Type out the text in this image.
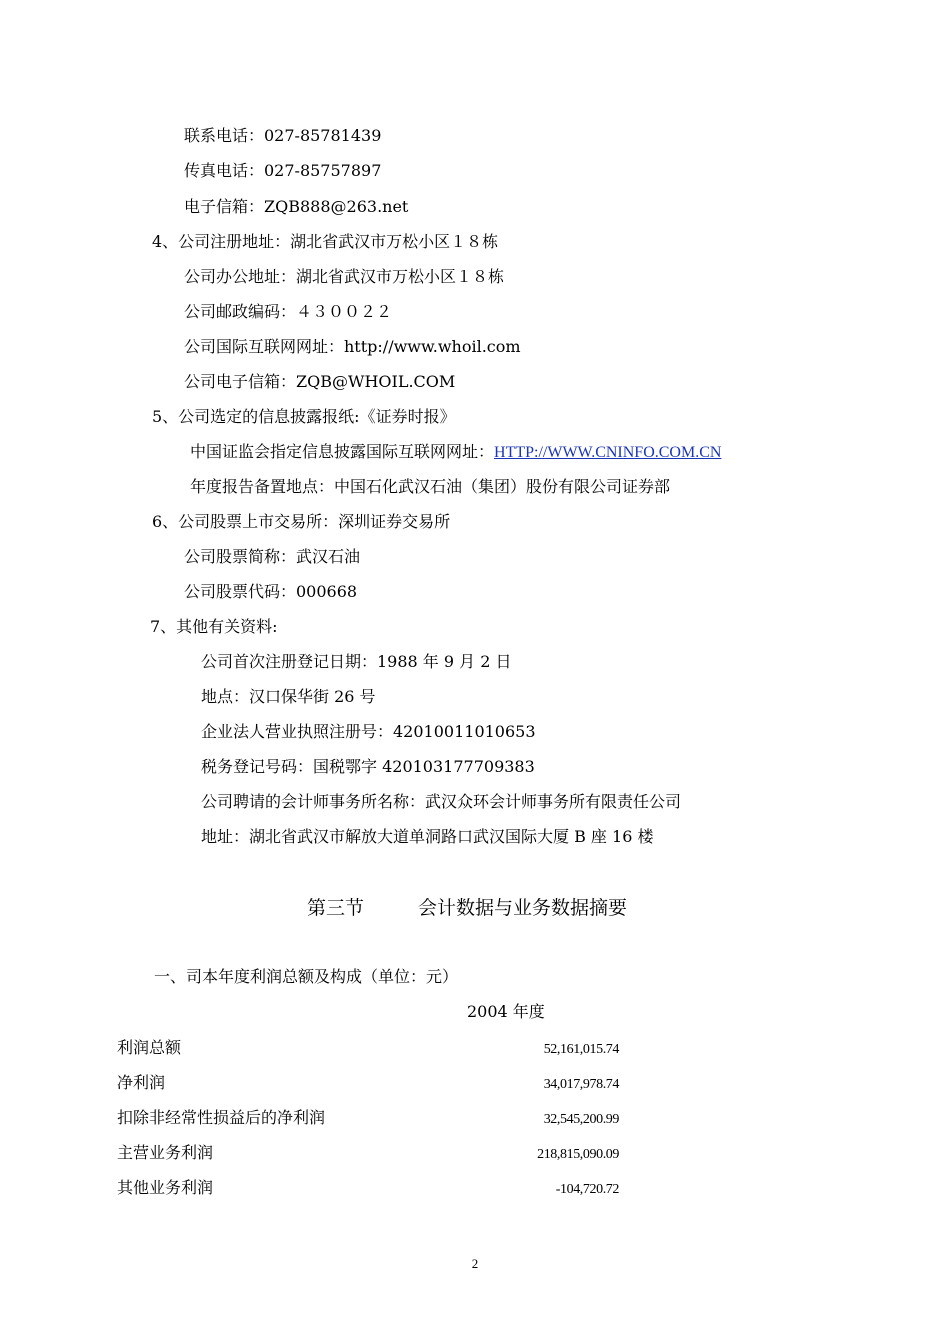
联系电话：027-85781439
传真电话：027-85757897
电子信箱：ZQB888@263.net
4、公司注册地址：湖北省武汉市万松小区１８栋
公司办公地址：湖北省武汉市万松小区１８栋
公司邮政编码：４３００２２
公司国际互联网网址：http://www.whoil.com
公司电子信箱：ZQB@WHOIL.COM
5、公司选定的信息披露报纸:《证券时报》
中国证监会指定信息披露国际互联网网址：HTTP://WWW.CNINFO.COM.CN
年度报告备置地点：中国石化武汉石油（集团）股份有限公司证券部
6、公司股票上市交易所：深圳证券交易所
公司股票简称：武汉石油
公司股票代码：000668
7、其他有关资料:
公司首次注册登记日期：1988 年 9 月 2 日
地点：汉口保华街 26 号
企业法人营业执照注册号：42010011010653
税务登记号码：国税鄂字 420103177709383
公司聘请的会计师事务所名称：武汉众环会计师事务所有限责任公司
地址：湖北省武汉市解放大道单洞路口武汉国际大厦 B 座 16 楼
第三节	会计数据与业务数据摘要
一、司本年度利润总额及构成（单位：元）
2004 年度
利润总额	52,161,015.74
净利润	34,017,978.74
扣除非经常性损益后的净利润	32,545,200.99
主营业务利润	218,815,090.09
其他业务利润	-104,720.72
2
